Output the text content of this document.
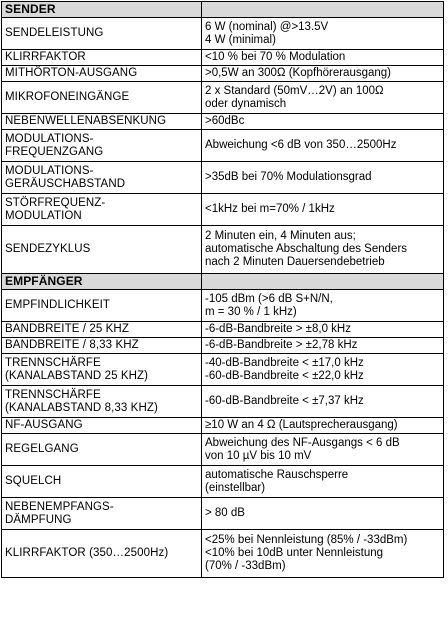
SENDER	

SENDELEISTUNG	6 W (nominal) @>13.5V
4 W (minimal)

KLIRRFAKTOR	<10 % bei 70 % Modulation

MITHÖRTON-AUSGANG	>0,5W an 300Ω (Kopfhörerausgang)

MIKROFONEINGÄNGE	2 x Standard (50mV…2V) an 100Ω
oder dynamisch

NEBENWELLENABSENKUNG	>60dBc

MODULATIONS-
FREQUENZGANG	Abweichung <6 dB von 350…2500Hz

MODULATIONS-
GERÄUSCHABSTAND	>35dB bei 70% Modulationsgrad

STÖRFREQUENZ-
MODULATION	<1kHz bei m=70% / 1kHz

SENDEZYKLUS	2 Minuten ein, 4 Minuten aus;
automatische Abschaltung des Senders
nach 2 Minuten Dauersendebetrieb

EMPFÄNGER	

EMPFINDLICHKEIT	-105 dBm (>6 dB S+N/N,
m = 30 % / 1 kHz)

BANDBREITE / 25 KHZ	-6-dB-Bandbreite > ±8,0 kHz

BANDBREITE / 8,33 KHZ	-6-dB-Bandbreite > ±2,78 kHz

TRENNSCHÄRFE
(KANALABSTAND 25 KHZ)	-40-dB-Bandbreite < ±17,0 kHz
-60-dB-Bandbreite < ±22,0 kHz

TRENNSCHÄRFE
(KANALABSTAND 8,33 KHZ)	-60-dB-Bandbreite < ±7,37 kHz

NF-AUSGANG	≥10 W an 4 Ω (Lautsprecherausgang)

REGELGANG	Abweichung des NF-Ausgangs < 6 dB
von 10 µV bis 10 mV

SQUELCH	automatische Rauschsperre
(einstellbar)

NEBENEMPFANGS-
DÄMPFUNG	> 80 dB

KLIRRFAKTOR (350…2500Hz)	<25% bei Nennleistung (85% / -33dBm)
<10% bei 10dB unter Nennleistung
(70% / -33dBm)
